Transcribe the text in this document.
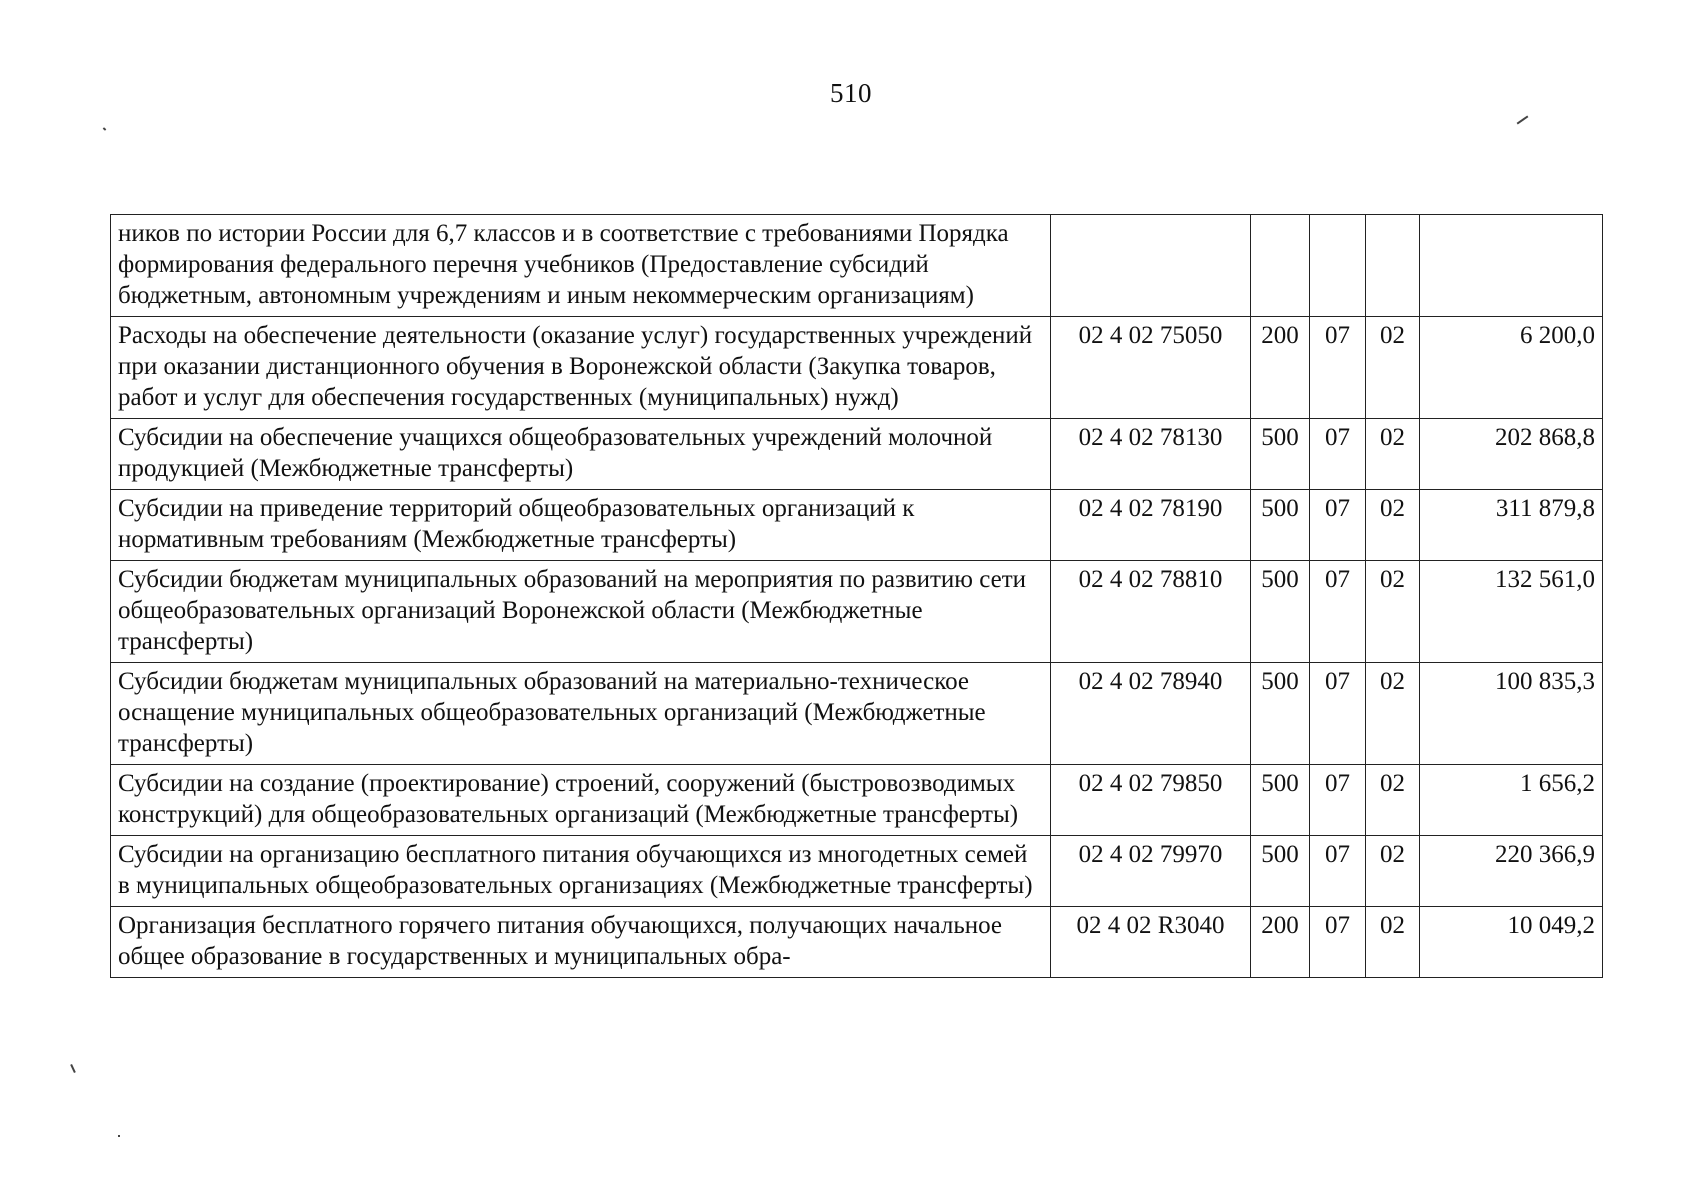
510
ников по истории России для 6,7 классов и в соответствие с требованиями Порядка формирования федерального перечня учебников (Предоставление субсидий бюджетным, автономным учреждениям и иным некоммерческим организациям)					
Расходы на обеспечение деятельности (оказание услуг) государственных учреждений при оказании дистанционного обучения в Воронежской области (Закупка товаров, работ и услуг для обеспечения государственных (муниципальных) нужд)	02 4 02 75050	200	07	02	6 200,0
Субсидии на обеспечение учащихся общеобразовательных учреждений молочной продукцией (Межбюджетные трансферты)	02 4 02 78130	500	07	02	202 868,8
Субсидии на приведение территорий общеобразовательных организаций к нормативным требованиям (Межбюджетные трансферты)	02 4 02 78190	500	07	02	311 879,8
Субсидии бюджетам муниципальных образований на мероприятия по развитию сети общеобразовательных организаций Воронежской области (Межбюджетные трансферты)	02 4 02 78810	500	07	02	132 561,0
Субсидии бюджетам муниципальных образований на материально-техническое оснащение муниципальных общеобразовательных организаций (Межбюджетные трансферты)	02 4 02 78940	500	07	02	100 835,3
Субсидии на создание (проектирование) строений, сооружений (быстровозводимых конструкций) для общеобразовательных организаций (Межбюджетные трансферты)	02 4 02 79850	500	07	02	1 656,2
Субсидии на организацию бесплатного питания обучающихся из многодетных семей в муниципальных общеобразовательных организациях (Межбюджетные трансферты)	02 4 02 79970	500	07	02	220 366,9
Организация бесплатного горячего питания обучающихся, получающих начальное общее образование в государственных и муниципальных обра-	02 4 02 R3040	200	07	02	10 049,2
